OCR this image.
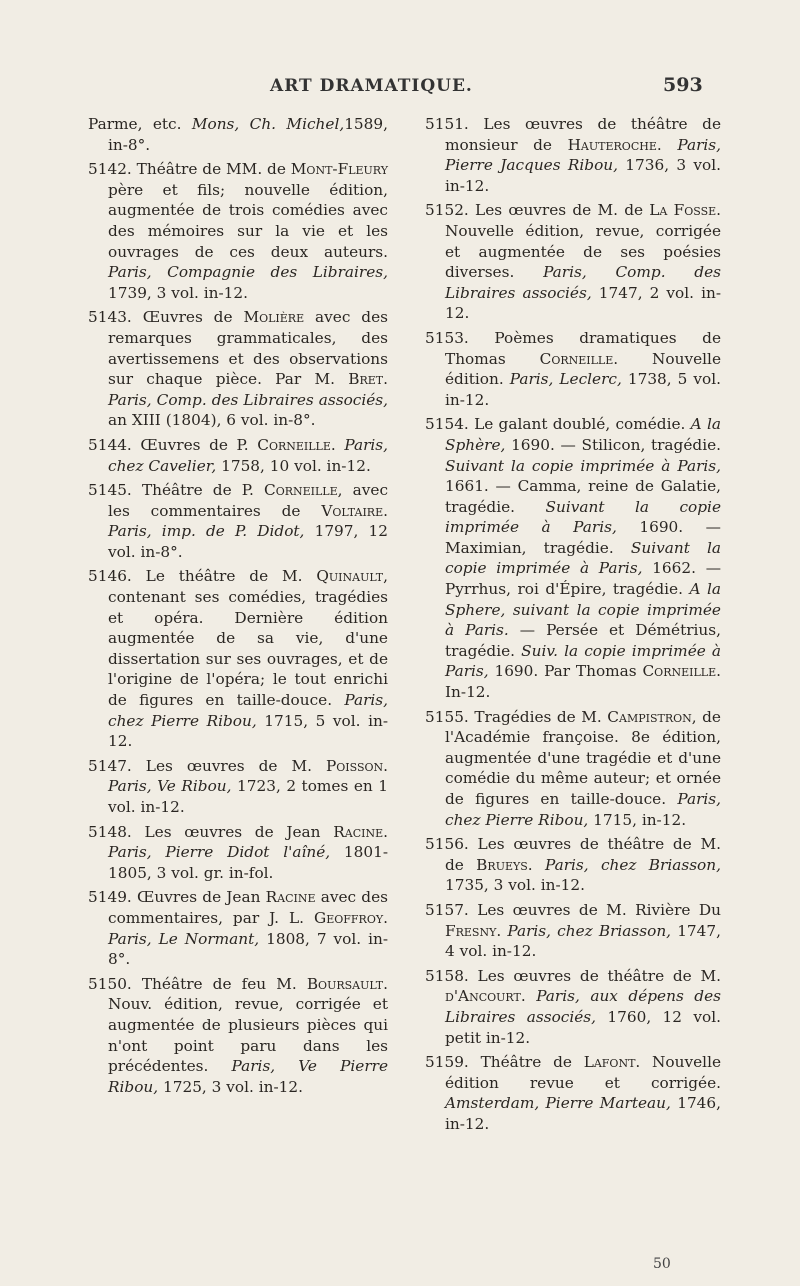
ART DRAMATIQUE.	593

Parme, etc. Mons, Ch. Michel,1589, in-8°.

5142. Théâtre de MM. de Mont-Fleury père et fils; nouvelle édition, augmentée de trois comédies avec des mémoires sur la vie et les ouvrages de ces deux auteurs. Paris, Compagnie des Libraires, 1739, 3 vol. in-12.

5143. Œuvres de Molière avec des remarques grammaticales, des avertissemens et des observations sur chaque pièce. Par M. Bret. Paris, Comp. des Libraires associés, an XIII (1804), 6 vol. in-8°.

5144. Œuvres de P. Corneille. Paris, chez Cavelier, 1758, 10 vol. in-12.

5145. Théâtre de P. Corneille, avec les commentaires de Voltaire. Paris, imp. de P. Didot, 1797, 12 vol. in-8°.

5146. Le théâtre de M. Quinault, contenant ses comédies, tragédies et opéra. Dernière édition augmentée de sa vie, d'une dissertation sur ses ouvrages, et de l'origine de l'opéra; le tout enrichi de figures en taille-douce. Paris, chez Pierre Ribou, 1715, 5 vol. in-12.

5147. Les œuvres de M. Poisson. Paris, Ve Ribou, 1723, 2 tomes en 1 vol. in-12.

5148. Les œuvres de Jean Racine. Paris, Pierre Didot l'aîné, 1801-1805, 3 vol. gr. in-fol.

5149. Œuvres de Jean Racine avec des commentaires, par J. L. Geoffroy. Paris, Le Normant, 1808, 7 vol. in-8°.

5150. Théâtre de feu M. Boursault. Nouv. édition, revue, corrigée et augmentée de plusieurs pièces qui n'ont point paru dans les précédentes. Paris, Ve Pierre Ribou, 1725, 3 vol. in-12.

5151. Les œuvres de théâtre de monsieur de Hauteroche. Paris, Pierre Jacques Ribou, 1736, 3 vol. in-12.

5152. Les œuvres de M. de La Fosse. Nouvelle édition, revue, corrigée et augmentée de ses poésies diverses. Paris, Comp. des Libraires associés, 1747, 2 vol. in-12.

5153. Poèmes dramatiques de Thomas Corneille. Nouvelle édition. Paris, Leclerc, 1738, 5 vol. in-12.

5154. Le galant doublé, comédie. A la Sphère, 1690. — Stilicon, tragédie. Suivant la copie imprimée à Paris, 1661. — Camma, reine de Galatie, tragédie. Suivant la copie imprimée à Paris, 1690. — Maximian, tragédie. Suivant la copie imprimée à Paris, 1662. — Pyrrhus, roi d'Épire, tragédie. A la Sphere, suivant la copie imprimée à Paris. — Persée et Démétrius, tragédie. Suiv. la copie imprimée à Paris, 1690. Par Thomas Corneille. In-12.

5155. Tragédies de M. Campistron, de l'Académie françoise. 8e édition, augmentée d'une tragédie et d'une comédie du même auteur; et ornée de figures en taille-douce. Paris, chez Pierre Ribou, 1715, in-12.

5156. Les œuvres de théâtre de M. de Brueys. Paris, chez Briasson, 1735, 3 vol. in-12.

5157. Les œuvres de M. Rivière Du Fresny. Paris, chez Briasson, 1747, 4 vol. in-12.

5158. Les œuvres de théâtre de M. d'Ancourt. Paris, aux dépens des Libraires associés, 1760, 12 vol. petit in-12.

5159. Théâtre de Lafont. Nouvelle édition revue et corrigée. Amsterdam, Pierre Marteau, 1746, in-12.

50
